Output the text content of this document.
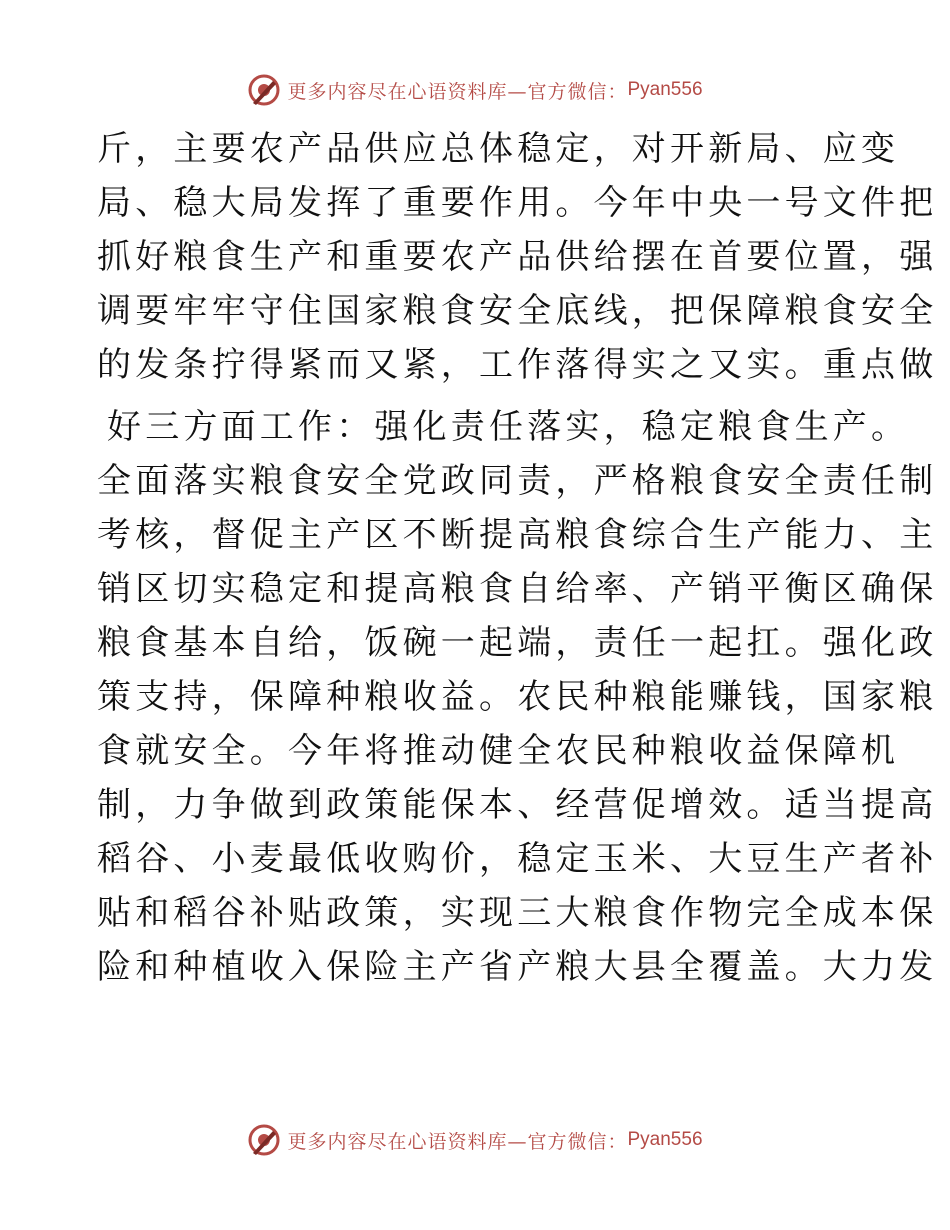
更多内容尽在心语资料库—官方微信： Pyan556
斤，主要农产品供应总体稳定，对开新局、应变
局、稳大局发挥了重要作用。今年中央一号文件把
抓好粮食生产和重要农产品供给摆在首要位置，强
调要牢牢守住国家粮食安全底线，把保障粮食安全
的发条拧得紧而又紧，工作落得实之又实。重点做
好三方面工作：强化责任落实，稳定粮食生产。
全面落实粮食安全党政同责，严格粮食安全责任制
考核，督促主产区不断提高粮食综合生产能力、主
销区切实稳定和提高粮食自给率、产销平衡区确保
粮食基本自给，饭碗一起端，责任一起扛。强化政
策支持，保障种粮收益。农民种粮能赚钱，国家粮
食就安全。今年将推动健全农民种粮收益保障机
制，力争做到政策能保本、经营促增效。适当提高
稻谷、小麦最低收购价，稳定玉米、大豆生产者补
贴和稻谷补贴政策，实现三大粮食作物完全成本保
险和种植收入保险主产省产粮大县全覆盖。大力发
更多内容尽在心语资料库—官方微信： Pyan556
